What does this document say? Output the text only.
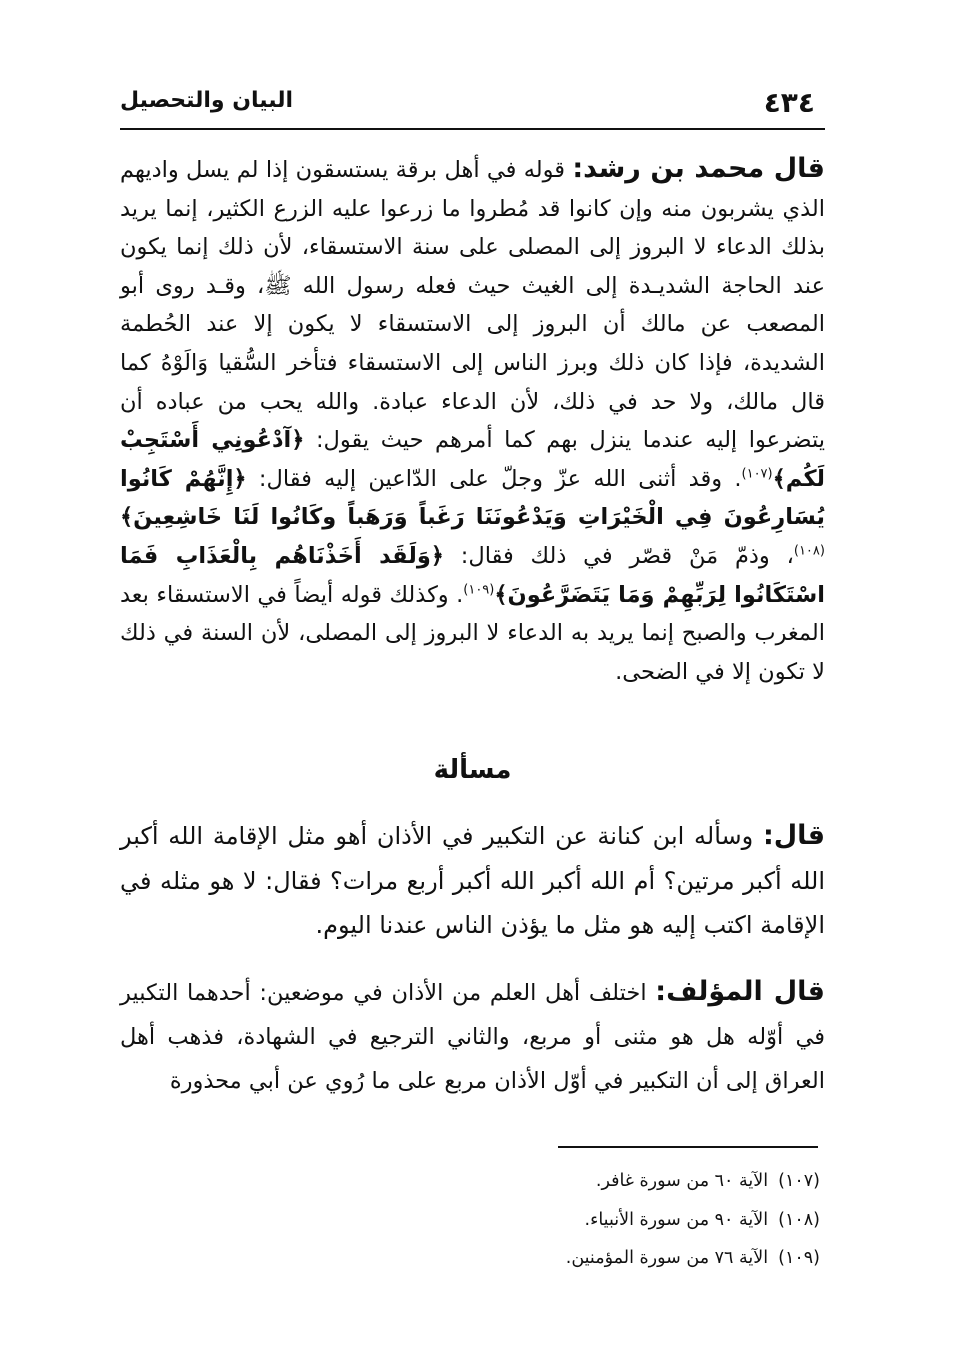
٤٣٤
البيان والتحصيل

قال محمد بن رشد: قوله في أهل برقة يستسقون إذا لم يسل واديهم الذي يشربون منه وإن كانوا قد مُطروا ما زرعوا عليه الزرع الكثير، إنما يريد بذلك الدعاء لا البروز إلى المصلى على سنة الاستسقاء، لأن ذلك إنما يكون عند الحاجة الشديـدة إلى الغيث حيث فعله رسول الله ﷺ، وقـد روى أبو المصعب عن مالك أن البروز إلى الاستسقاء لا يكون إلا عند الحُطمة الشديدة، فإذا كان ذلك وبرز الناس إلى الاستسقاء فتأخر السُّقيا وَالَوْهُ كما قال مالك، ولا حد في ذلك، لأن الدعاء عبادة. والله يحب من عباده أن يتضرعوا إليه عندما ينزل بهم كما أمرهم حيث يقول: ﴿آدْعُونِي أَسْتَجِبْ لَكُم﴾$^{(١٠٧)}$. وقد أثنى الله عزّ وجلّ على الدّاعين إليه فقال: ﴿إِنَّهُمْ كَانُوا يُسَارِعُونَ فِي الْخَيْرَاتِ وَيَدْعُونَنَا رَغَباً وَرَهَباً وكَانُوا لَنَا خَاشِعِينَ﴾$^{(١٠٨)}$، وذمّ مَنْ قصّر في ذلك فقال: ﴿وَلَقَد أَخَذْنَاهُم بِالْعَذَابِ فَمَا اسْتَكَانُوا لِرَبِّهِمْ وَمَا يَتَضَرَّعُونَ﴾$^{(١٠٩)}$. وكذلك قوله أيضاً في الاستسقاء بعد المغرب والصبح إنما يريد به الدعاء لا البروز إلى المصلى، لأن السنة في ذلك لا تكون إلا في الضحى.

مسألة

قال: وسأله ابن كنانة عن التكبير في الأذان أهو مثل الإقامة الله أكبر الله أكبر مرتين؟ أم الله أكبر الله أكبر أربع مرات؟ فقال: لا هو مثله في الإقامة اكتب إليه هو مثل ما يؤذن الناس عندنا اليوم.

قال المؤلف: اختلف أهل العلم من الأذان في موضعين: أحدهما التكبير في أوّله هل هو مثنى أو مربع، والثاني الترجيع في الشهادة، فذهب أهل العراق إلى أن التكبير في أوّل الأذان مربع على ما رُوي عن أبي محذورة

(١٠٧)الآية ٦٠ من سورة غافر.
(١٠٨)الآية ٩٠ من سورة الأنبياء.
(١٠٩)الآية ٧٦ من سورة المؤمنين.
